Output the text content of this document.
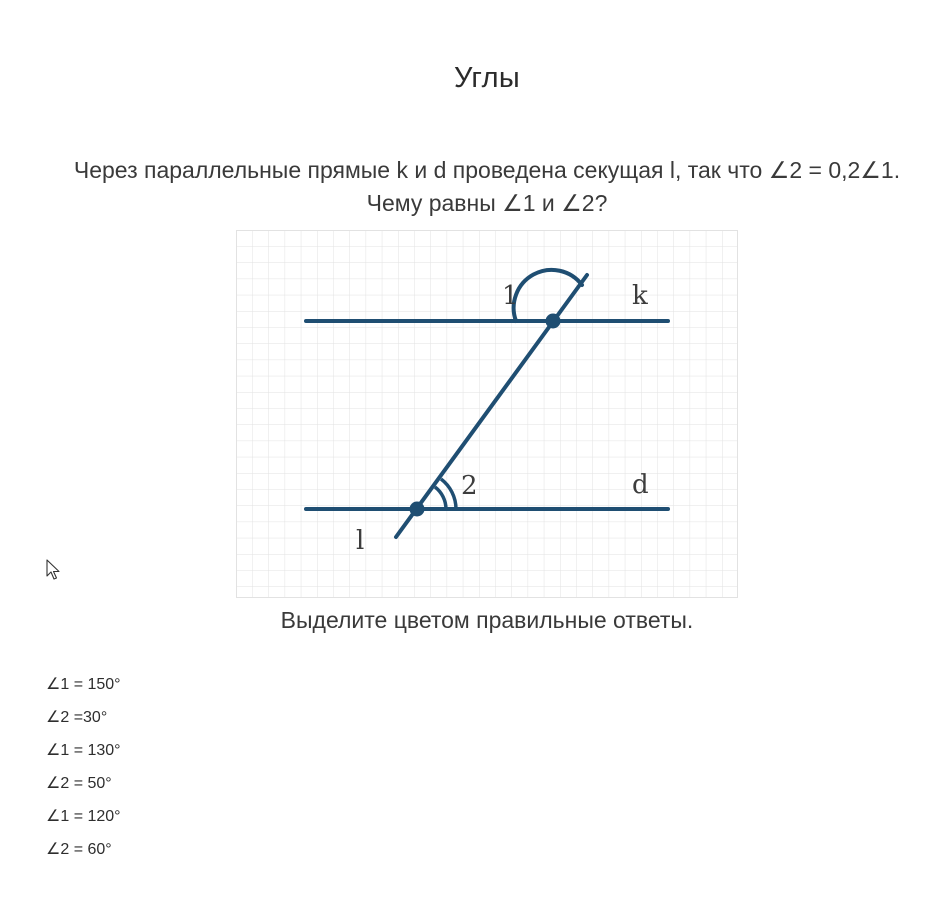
Углы
Через параллельные прямые k и d проведена секущая l, так что ∠2 = 0,2∠1. Чему равны ∠1 и ∠2?
1
2
k
d
l
Выделите цветом правильные ответы.
∠1 = 150°
∠2 =30°
∠1 = 130°
∠2 = 50°
∠1 = 120°
∠2 = 60°
